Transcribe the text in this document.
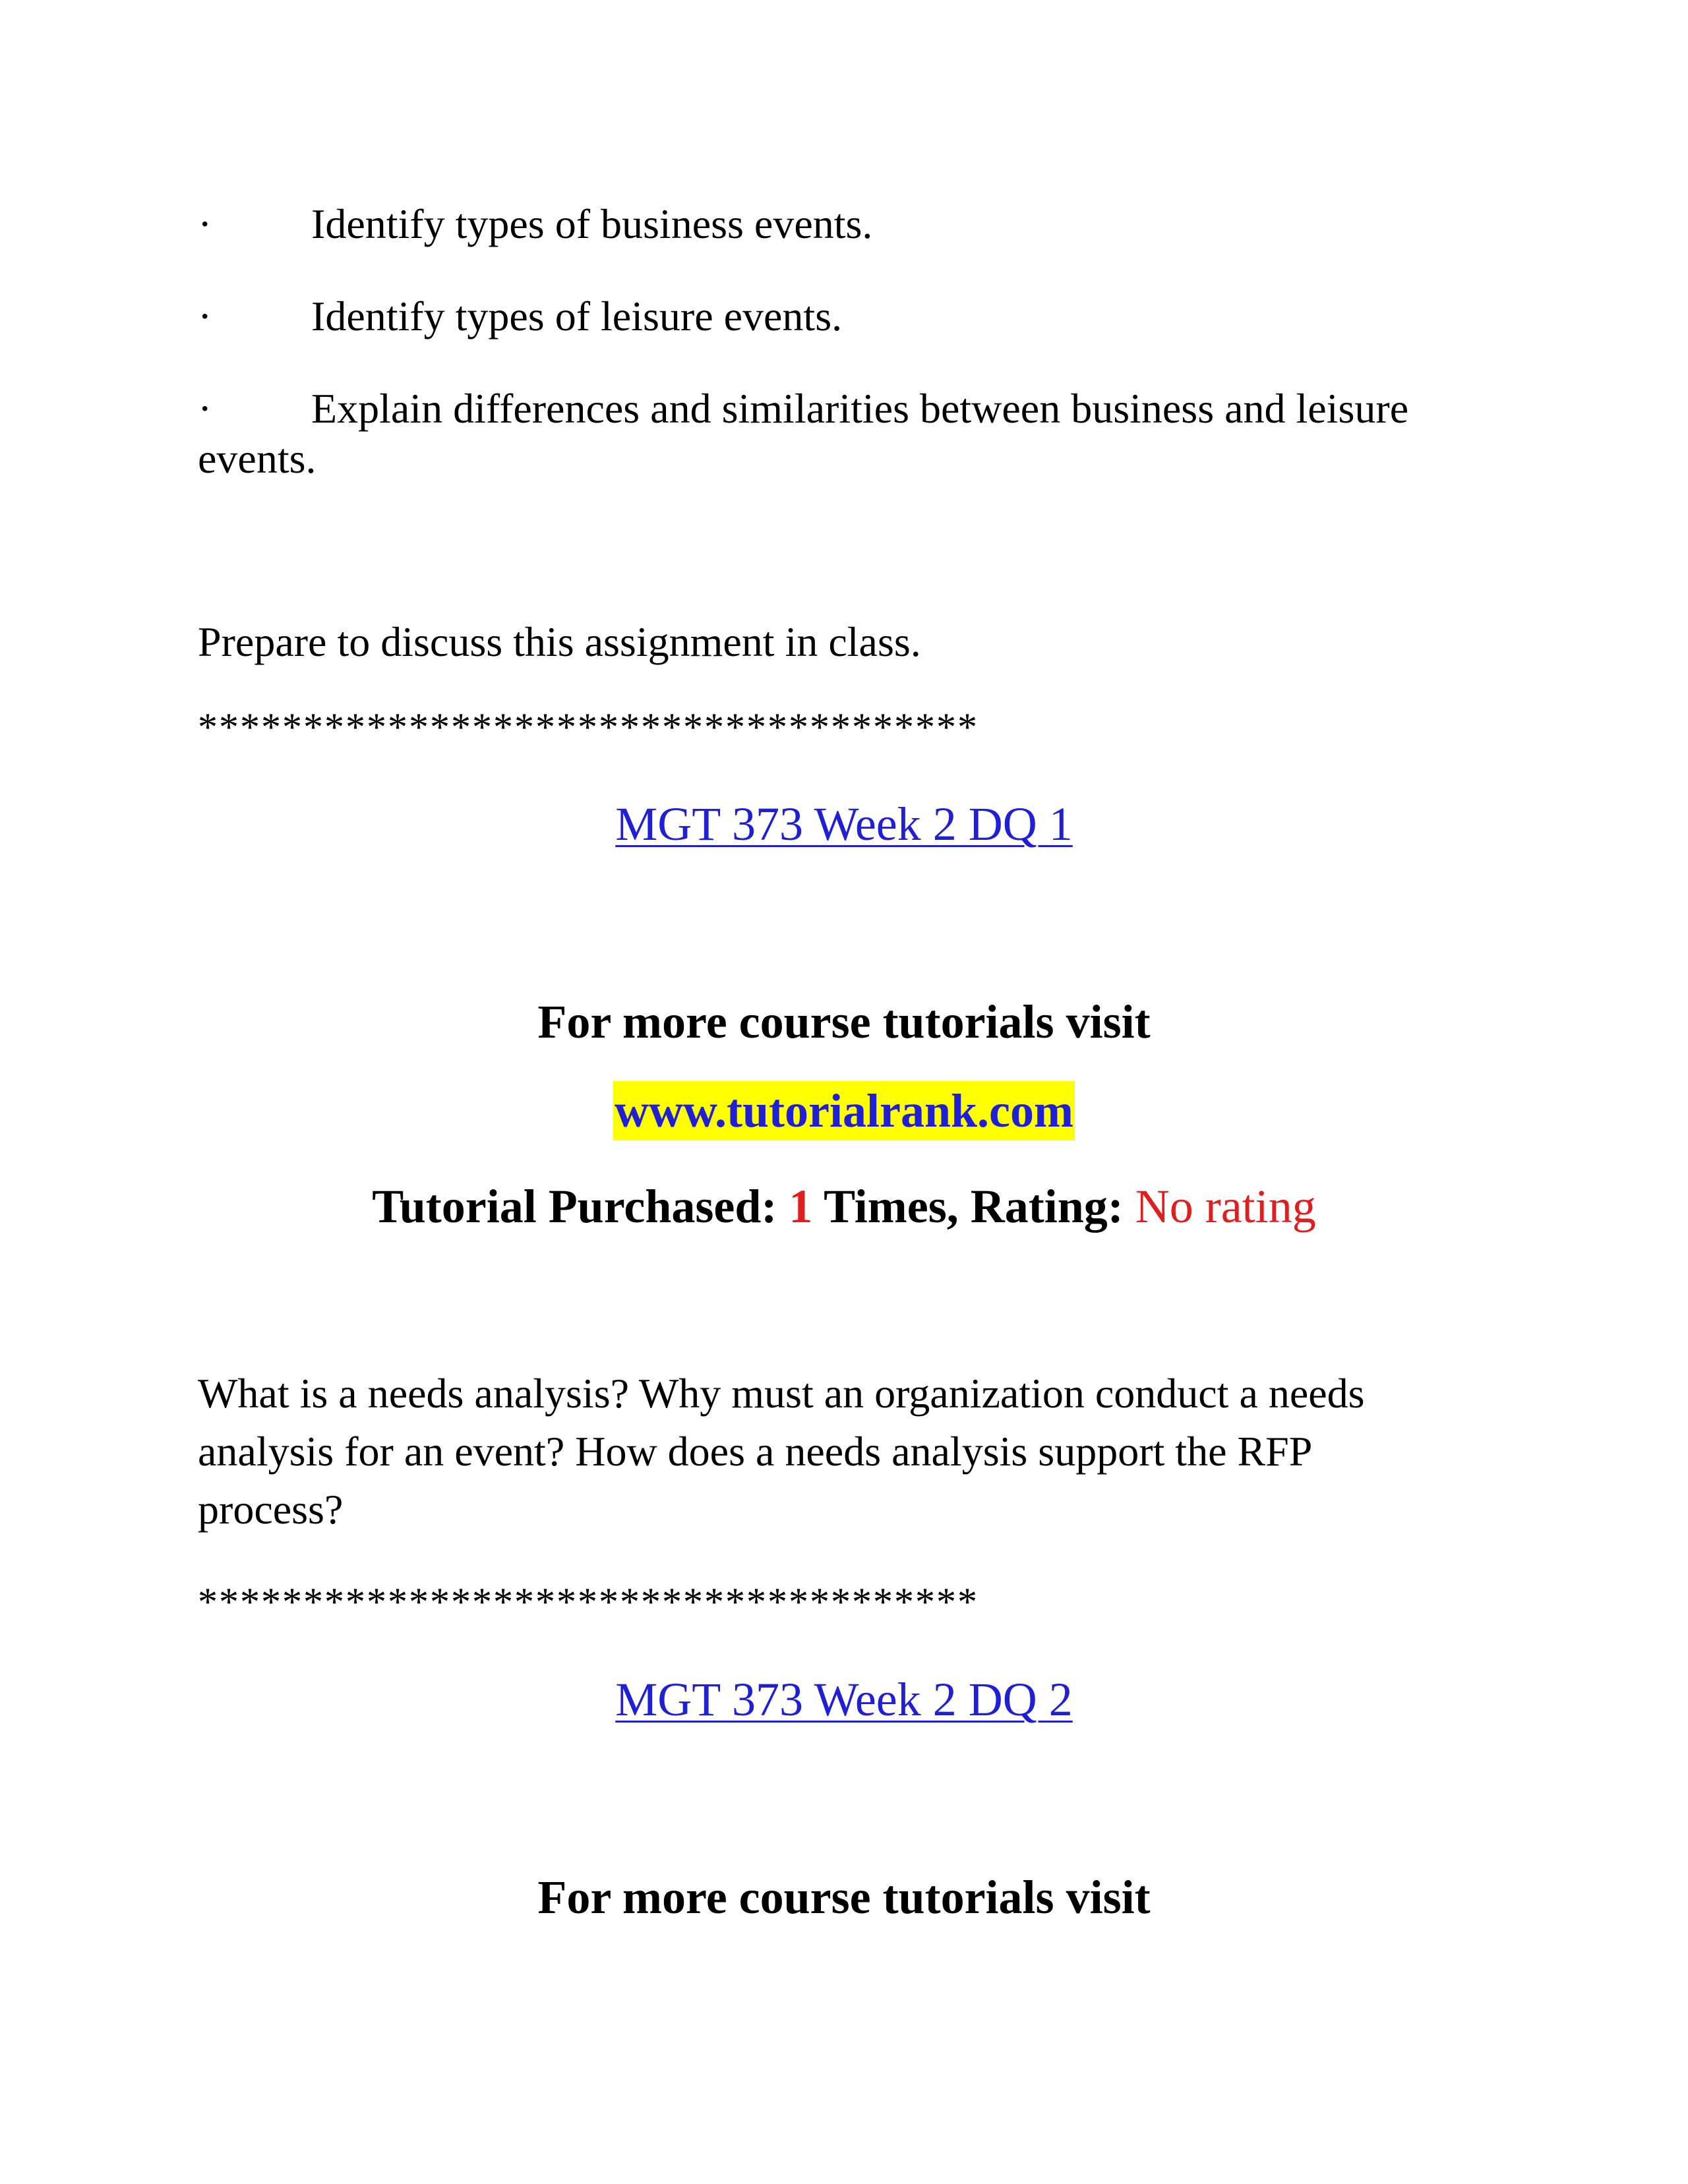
· Identify types of business events.
· Identify types of leisure events.
· Explain differences and similarities between business and leisure
events.
Prepare to discuss this assignment in class.
*************************************
MGT 373 Week 2 DQ 1
For more course tutorials visit
www.tutorialrank.com
Tutorial Purchased: 1 Times, Rating: No rating
What is a needs analysis? Why must an organization conduct a needs
analysis for an event? How does a needs analysis support the RFP
process?
*************************************
MGT 373 Week 2 DQ 2
For more course tutorials visit
